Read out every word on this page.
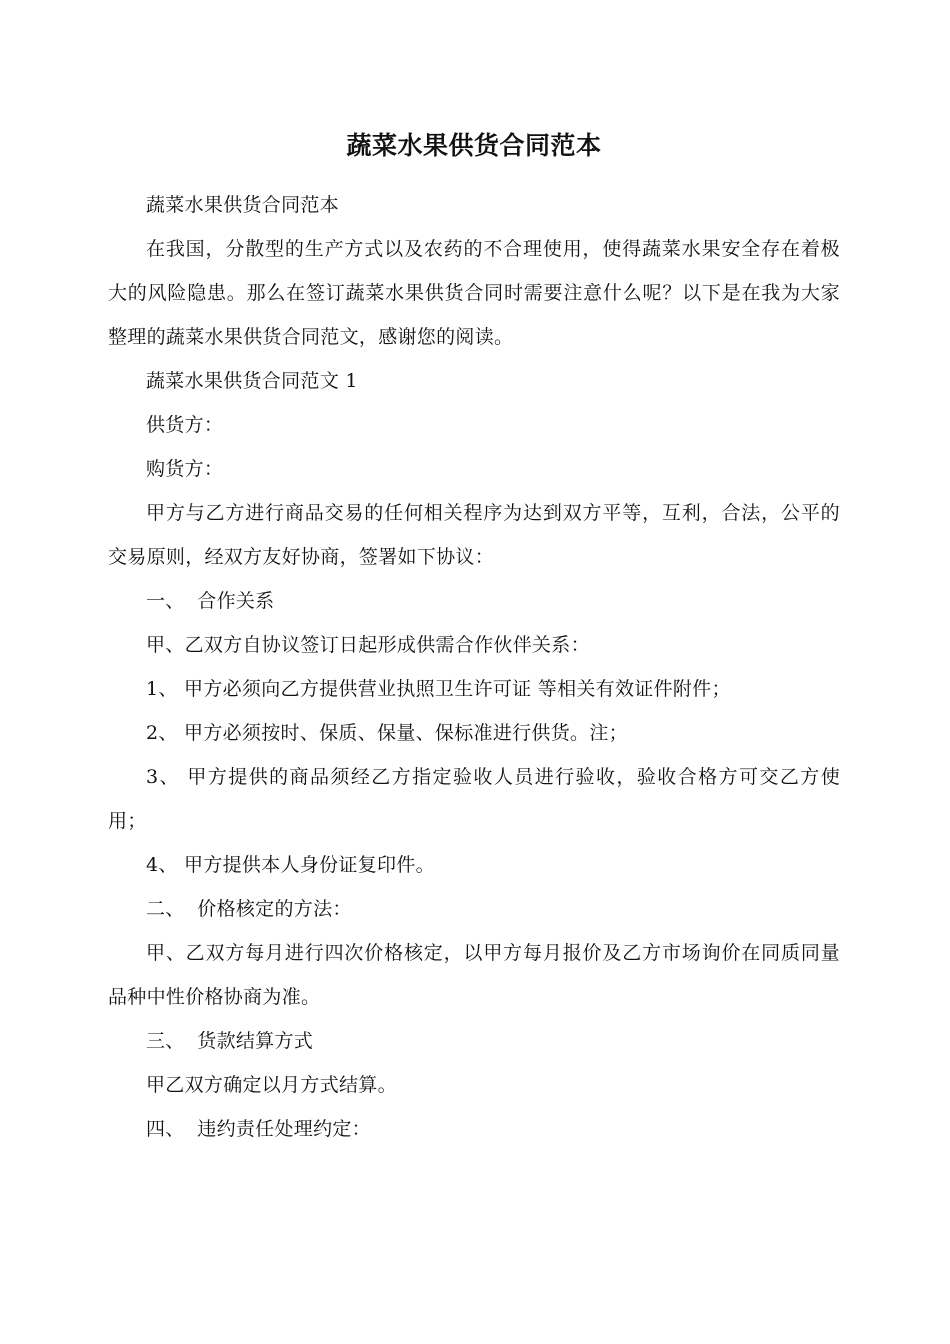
蔬菜水果供货合同范本

蔬菜水果供货合同范本

在我国，分散型的生产方式以及农药的不合理使用，使得蔬菜水果安全存在着极大的风险隐患。那么在签订蔬菜水果供货合同时需要注意什么呢？以下是在我为大家整理的蔬菜水果供货合同范文，感谢您的阅读。

蔬菜水果供货合同范文 1

供货方：

购货方：

甲方与乙方进行商品交易的任何相关程序为达到双方平等，互利，合法，公平的交易原则，经双方友好协商，签署如下协议：

一、  合作关系

甲、乙双方自协议签订日起形成供需合作伙伴关系：

1、 甲方必须向乙方提供营业执照卫生许可证 等相关有效证件附件；

2、 甲方必须按时、保质、保量、保标准进行供货。注；

3、 甲方提供的商品须经乙方指定验收人员进行验收，验收合格方可交乙方使用；

4、 甲方提供本人身份证复印件。

二、  价格核定的方法：

甲、乙双方每月进行四次价格核定，以甲方每月报价及乙方市场询价在同质同量品种中性价格协商为准。

三、  货款结算方式

甲乙双方确定以月方式结算。

四、  违约责任处理约定：
